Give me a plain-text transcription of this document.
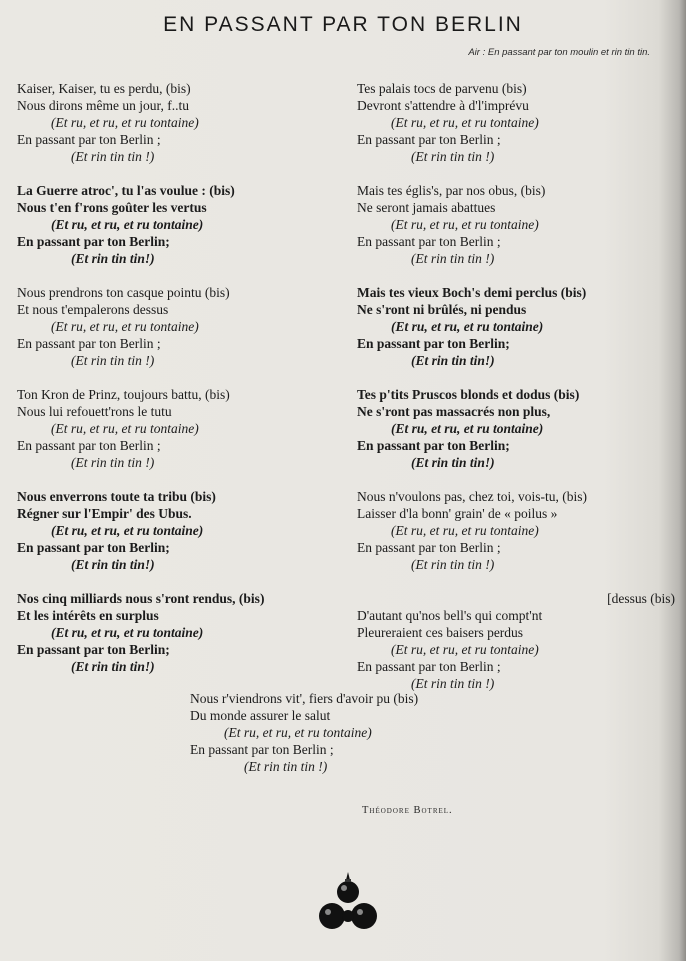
EN PASSANT PAR TON BERLIN
Air : En passant par ton moulin et rin tin tin.
Kaiser, Kaiser, tu es perdu, (bis)
Nous dirons même un jour, f..tu
(Et ru, et ru, et ru tontaine)
En passant par ton Berlin ;
(Et rin tin tin !)
La Guerre atroc', tu l'as voulue : (bis)
Nous t'en f'rons goûter les vertus
(Et ru, et ru, et ru tontaine)
En passant par ton Berlin;
(Et rin tin tin!)
Nous prendrons ton casque pointu (bis)
Et nous t'empalerons dessus
(Et ru, et ru, et ru tontaine)
En passant par ton Berlin ;
(Et rin tin tin !)
Ton Kron de Prinz, toujours battu, (bis)
Nous lui refouett'rons le tutu
(Et ru, et ru, et ru tontaine)
En passant par ton Berlin ;
(Et rin tin tin !)
Nous enverrons toute ta tribu (bis)
Régner sur l'Empir' des Ubus.
(Et ru, et ru, et ru tontaine)
En passant par ton Berlin;
(Et rin tin tin!)
Nos cinq milliards nous s'ront rendus, (bis)
Et les intérêts en surplus
(Et ru, et ru, et ru tontaine)
En passant par ton Berlin;
(Et rin tin tin!)
Tes palais tocs de parvenu (bis)
Devront s'attendre à d'l'imprévu
(Et ru, et ru, et ru tontaine)
En passant par ton Berlin ;
(Et rin tin tin !)
Mais tes églis's, par nos obus, (bis)
Ne seront jamais abattues
(Et ru, et ru, et ru tontaine)
En passant par ton Berlin ;
(Et rin tin tin !)
Mais tes vieux Boch's demi perclus (bis)
Ne s'ront ni brûlés, ni pendus
(Et ru, et ru, et ru tontaine)
En passant par ton Berlin;
(Et rin tin tin!)
Tes p'tits Pruscos blonds et dodus (bis)
Ne s'ront pas massacrés non plus,
(Et ru, et ru, et ru tontaine)
En passant par ton Berlin;
(Et rin tin tin!)
Nous n'voulons pas, chez toi, vois-tu, (bis)
Laisser d'la bonn' grain' de « poilus »
(Et ru, et ru, et ru tontaine)
En passant par ton Berlin ;
(Et rin tin tin !)
[dessus (bis)
D'autant qu'nos bell's qui compt'nt
Pleureraient ces baisers perdus
(Et ru, et ru, et ru tontaine)
En passant par ton Berlin ;
(Et rin tin tin !)
Nous r'viendrons vit', fiers d'avoir pu (bis)
Du monde assurer le salut
(Et ru, et ru, et ru tontaine)
En passant par ton Berlin ;
(Et rin tin tin !)
Théodore Botrel.
